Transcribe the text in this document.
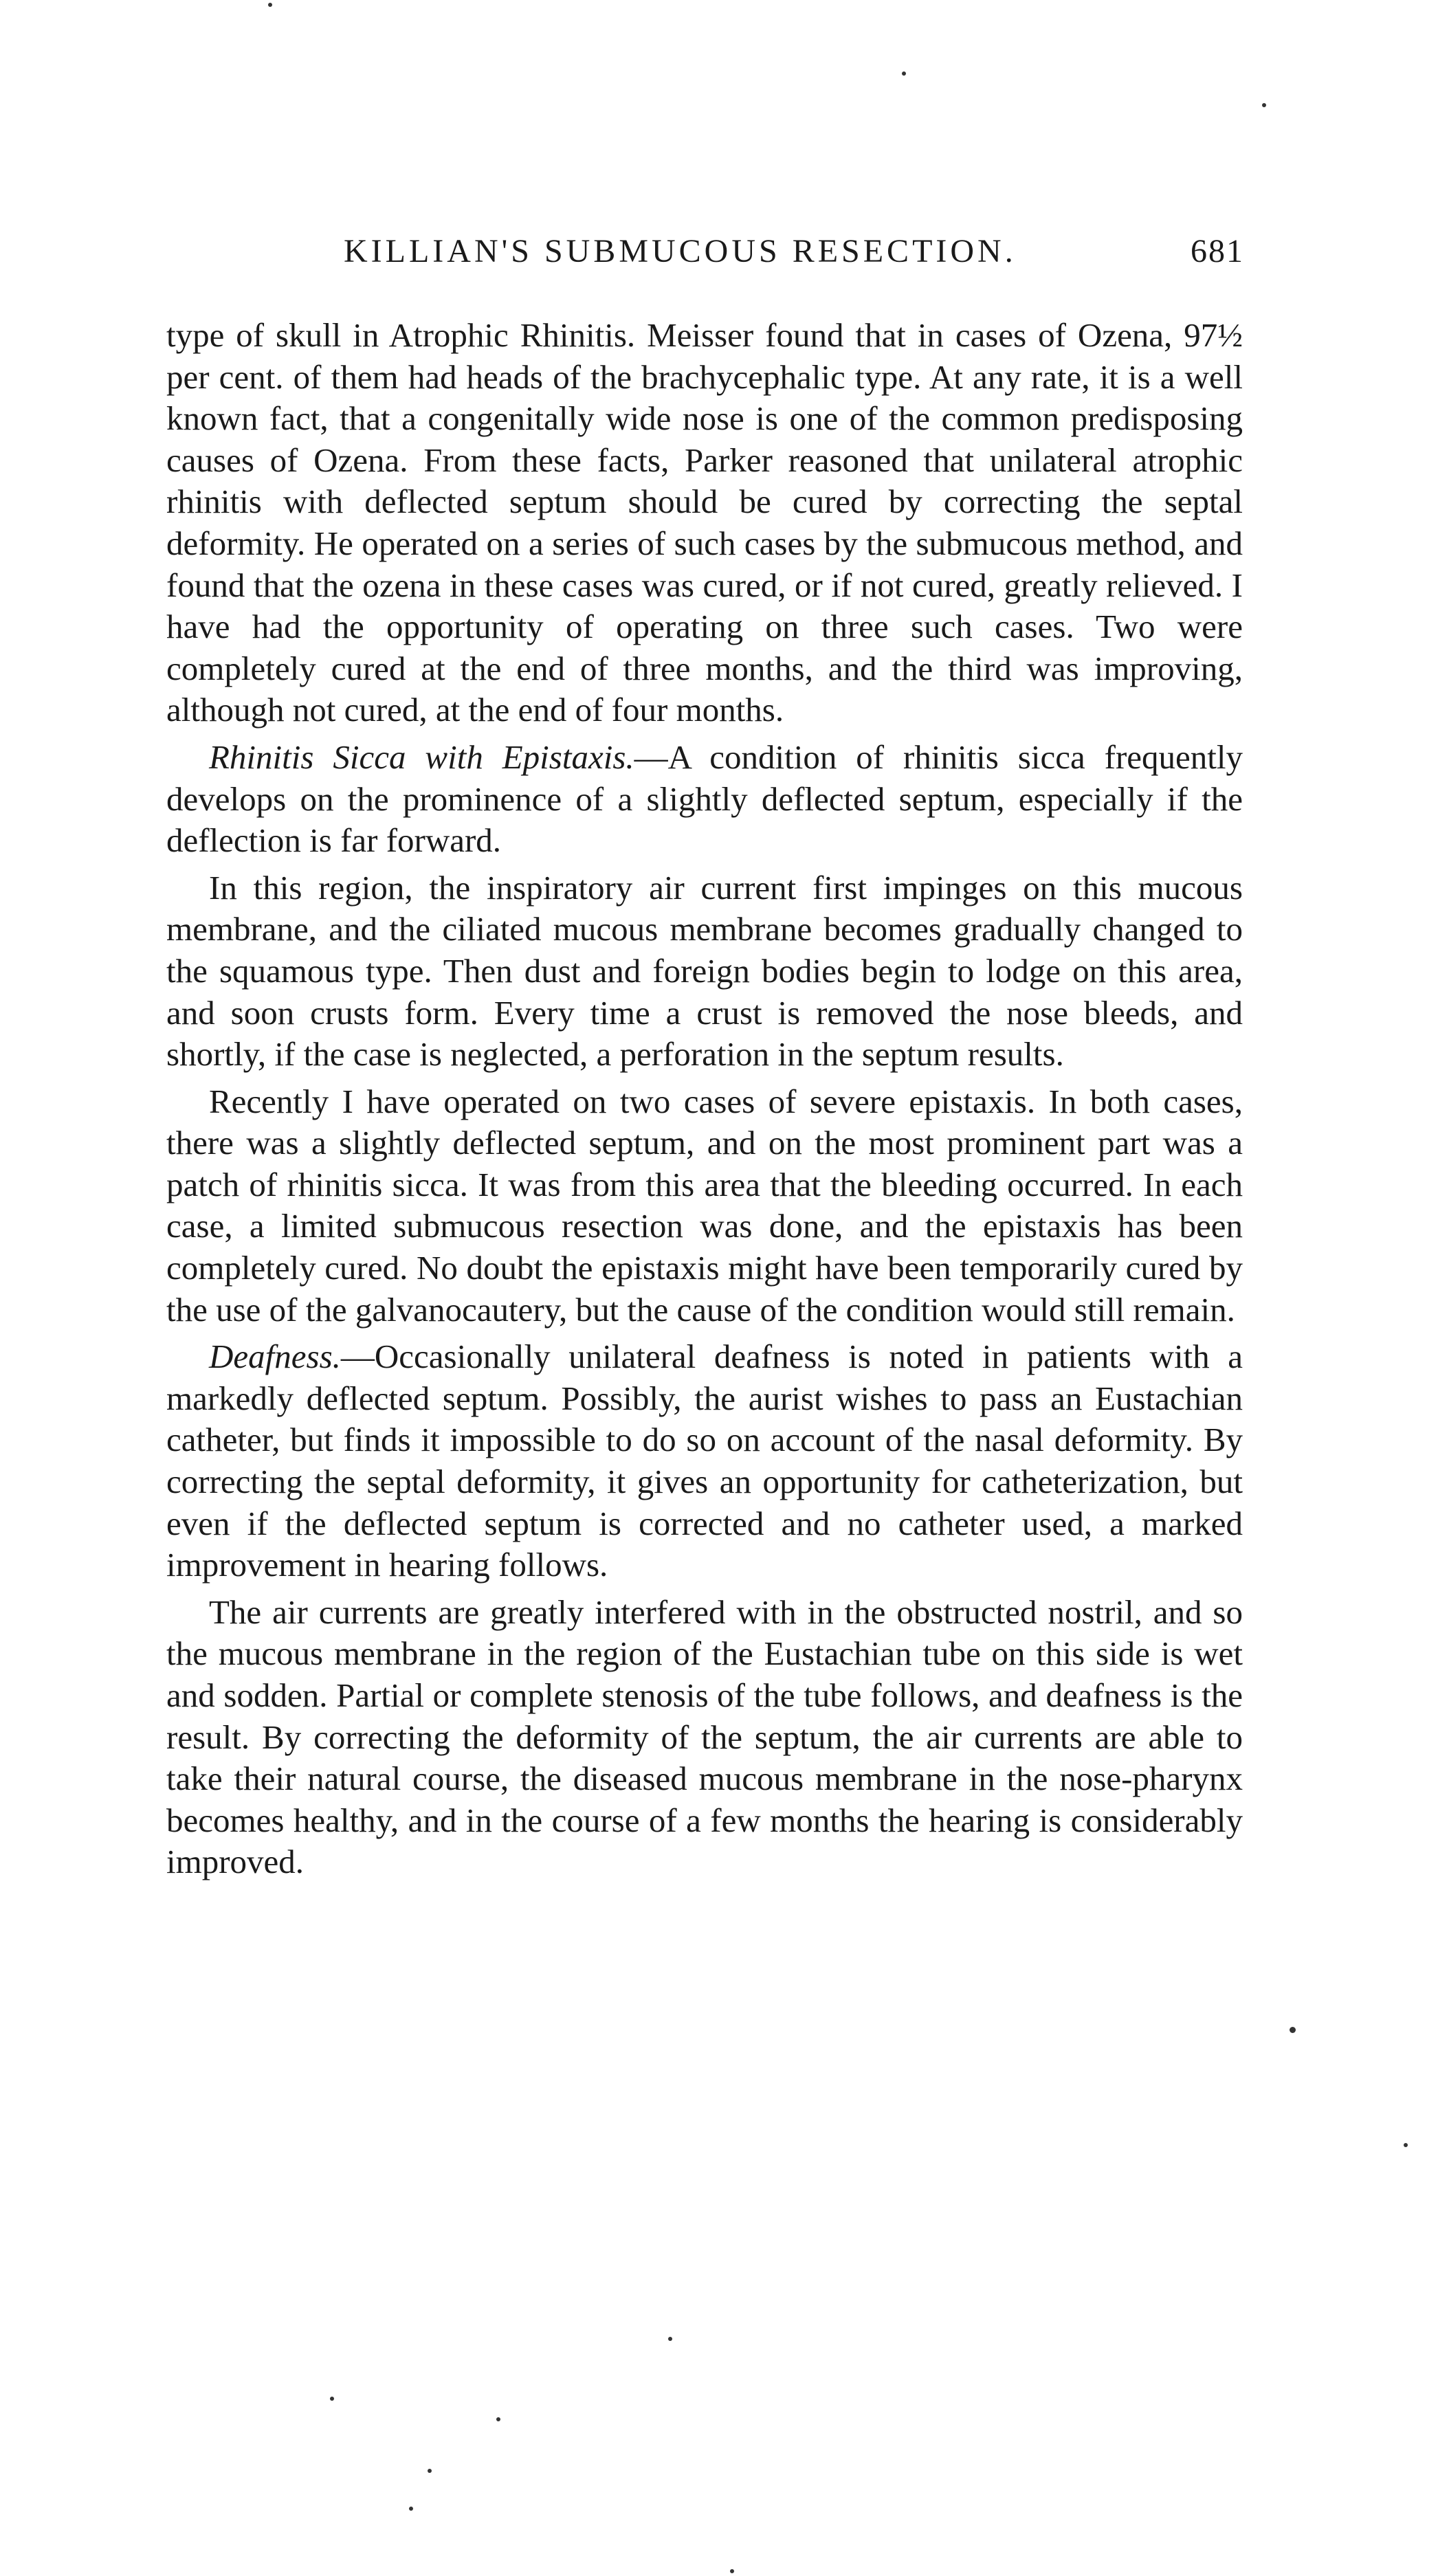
KILLIAN'S SUBMUCOUS RESECTION.	681

type of skull in Atrophic Rhinitis. Meisser found that in cases of Ozena, 97½ per cent. of them had heads of the brachycephalic type. At any rate, it is a well known fact, that a congenitally wide nose is one of the common predisposing causes of Ozena. From these facts, Parker reasoned that unilateral atrophic rhinitis with deflected septum should be cured by correcting the septal deformity. He operated on a series of such cases by the submucous method, and found that the ozena in these cases was cured, or if not cured, greatly relieved. I have had the opportunity of operating on three such cases. Two were completely cured at the end of three months, and the third was improving, although not cured, at the end of four months.

Rhinitis Sicca with Epistaxis.—A condition of rhinitis sicca frequently develops on the prominence of a slightly deflected septum, especially if the deflection is far forward.

In this region, the inspiratory air current first impinges on this mucous membrane, and the ciliated mucous membrane becomes gradually changed to the squamous type. Then dust and foreign bodies begin to lodge on this area, and soon crusts form. Every time a crust is removed the nose bleeds, and shortly, if the case is neglected, a perforation in the septum results.

Recently I have operated on two cases of severe epistaxis. In both cases, there was a slightly deflected septum, and on the most prominent part was a patch of rhinitis sicca. It was from this area that the bleeding occurred. In each case, a limited submucous resection was done, and the epistaxis has been completely cured. No doubt the epistaxis might have been temporarily cured by the use of the galvanocautery, but the cause of the condition would still remain.

Deafness.—Occasionally unilateral deafness is noted in patients with a markedly deflected septum. Possibly, the aurist wishes to pass an Eustachian catheter, but finds it impossible to do so on account of the nasal deformity. By correcting the septal deformity, it gives an opportunity for catheterization, but even if the deflected septum is corrected and no catheter used, a marked improvement in hearing follows.

The air currents are greatly interfered with in the obstructed nostril, and so the mucous membrane in the region of the Eustachian tube on this side is wet and sodden. Partial or complete stenosis of the tube follows, and deafness is the result. By correcting the deformity of the septum, the air currents are able to take their natural course, the diseased mucous membrane in the nose-pharynx becomes healthy, and in the course of a few months the hearing is considerably improved.
